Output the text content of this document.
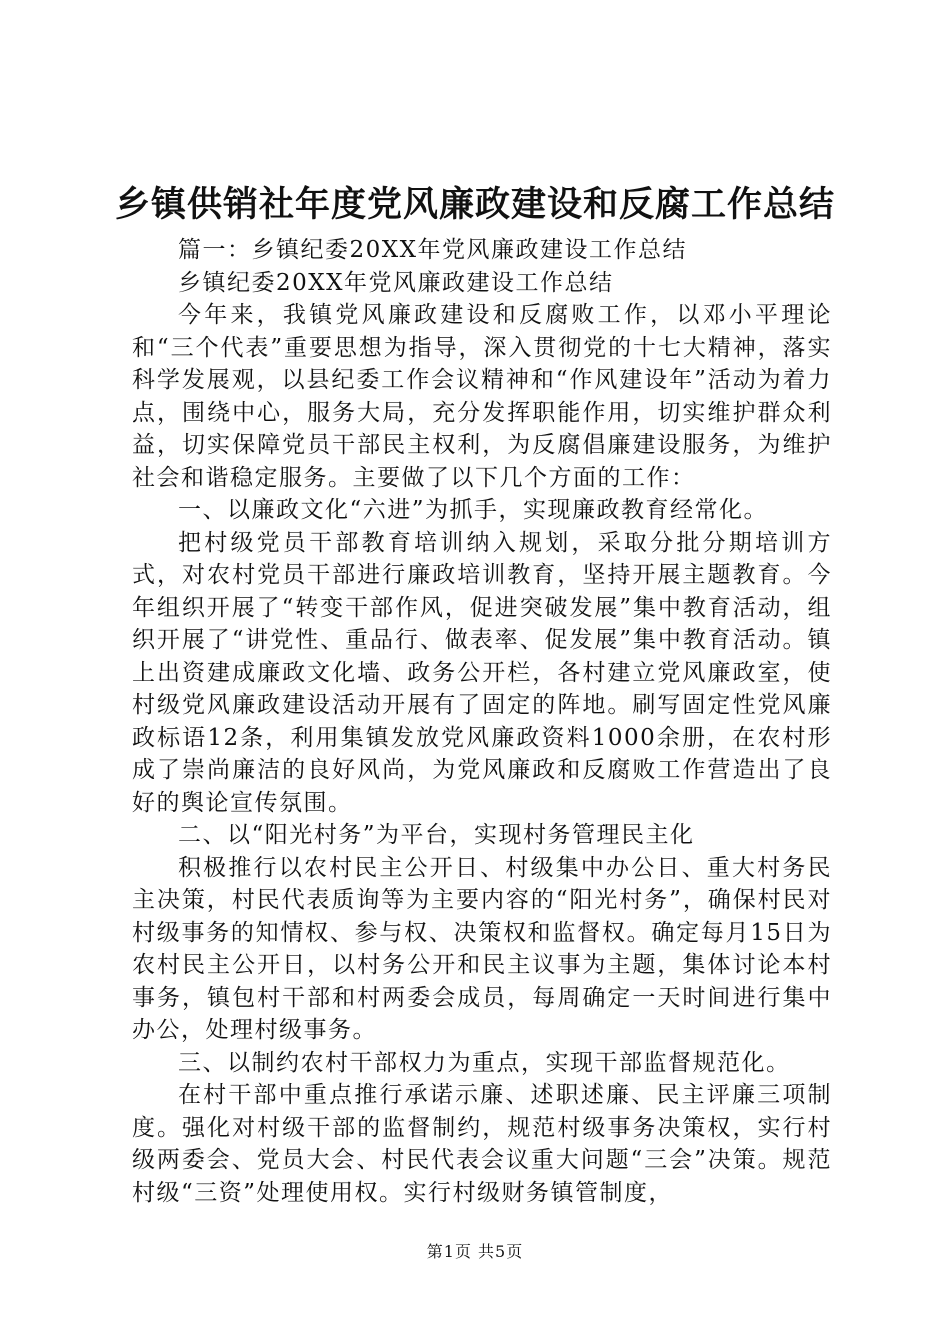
乡镇供销社年度党风廉政建设和反腐工作总结

篇一：乡镇纪委20XX年党风廉政建设工作总结

乡镇纪委20XX年党风廉政建设工作总结

今年来，我镇党风廉政建设和反腐败工作，以邓小平理论和“三个代表”重要思想为指导，深入贯彻党的十七大精神，落实科学发展观，以县纪委工作会议精神和“作风建设年”活动为着力点，围绕中心，服务大局，充分发挥职能作用，切实维护群众利益，切实保障党员干部民主权利，为反腐倡廉建设服务，为维护社会和谐稳定服务。主要做了以下几个方面的工作：

一、以廉政文化“六进”为抓手，实现廉政教育经常化。

把村级党员干部教育培训纳入规划，采取分批分期培训方式，对农村党员干部进行廉政培训教育，坚持开展主题教育。今年组织开展了“转变干部作风，促进突破发展”集中教育活动，组织开展了“讲党性、重品行、做表率、促发展”集中教育活动。镇上出资建成廉政文化墙、政务公开栏，各村建立党风廉政室，使村级党风廉政建设活动开展有了固定的阵地。刷写固定性党风廉政标语12条，利用集镇发放党风廉政资料1000余册，在农村形成了崇尚廉洁的良好风尚，为党风廉政和反腐败工作营造出了良好的舆论宣传氛围。

二、以“阳光村务”为平台，实现村务管理民主化

积极推行以农村民主公开日、村级集中办公日、重大村务民主决策，村民代表质询等为主要内容的“阳光村务”，确保村民对村级事务的知情权、参与权、决策权和监督权。确定每月15日为农村民主公开日，以村务公开和民主议事为主题，集体讨论本村事务，镇包村干部和村两委会成员，每周确定一天时间进行集中办公，处理村级事务。

三、以制约农村干部权力为重点，实现干部监督规范化。

在村干部中重点推行承诺示廉、述职述廉、民主评廉三项制度。强化对村级干部的监督制约，规范村级事务决策权，实行村级两委会、党员大会、村民代表会议重大问题“三会”决策。规范村级“三资”处理使用权。实行村级财务镇管制度，

第1页 共5页
